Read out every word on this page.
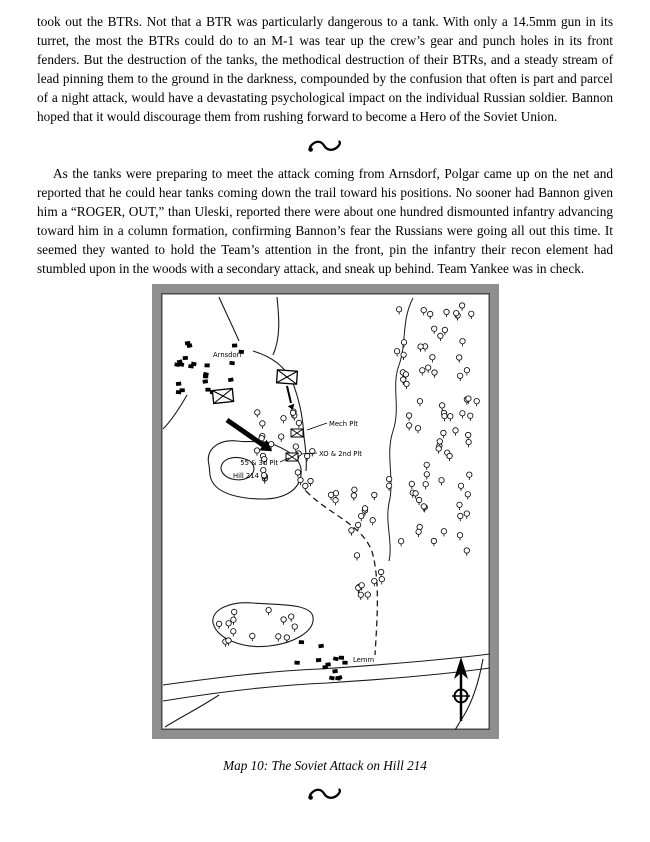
took out the BTRs. Not that a BTR was particularly dangerous to a tank. With only a 14.5mm gun in its turret, the most the BTRs could do to an M-1 was tear up the crew’s gear and punch holes in its front fenders. But the destruction of the tanks, the methodical destruction of their BTRs, and a steady stream of lead pinning them to the ground in the darkness, compounded by the confusion that often is part and parcel of a night attack, would have a devastating psychological impact on the individual Russian soldier. Bannon hoped that it would discourage them from rushing forward to become a Hero of the Soviet Union.

As the tanks were preparing to meet the attack coming from Arnsdorf, Polgar came up on the net and reported that he could hear tanks coming down the trail toward his positions. No sooner had Bannon given him a “ROGER, OUT,” than Uleski, reported there were about one hundred dismounted infantry advancing toward him in a column formation, confirming Bannon’s fear the Russians were going all out this time. It seemed they wanted to hold the Team’s attention in the front, pin the infantry their recon element had stumbled upon in the woods with a secondary attack, and sneak up behind. Team Yankee was in check.

Arnsdorf
Mech Plt
XO & 2nd Plt
55 & 3d Plt
Hill 214
Lemm

Map 10: The Soviet Attack on Hill 214
